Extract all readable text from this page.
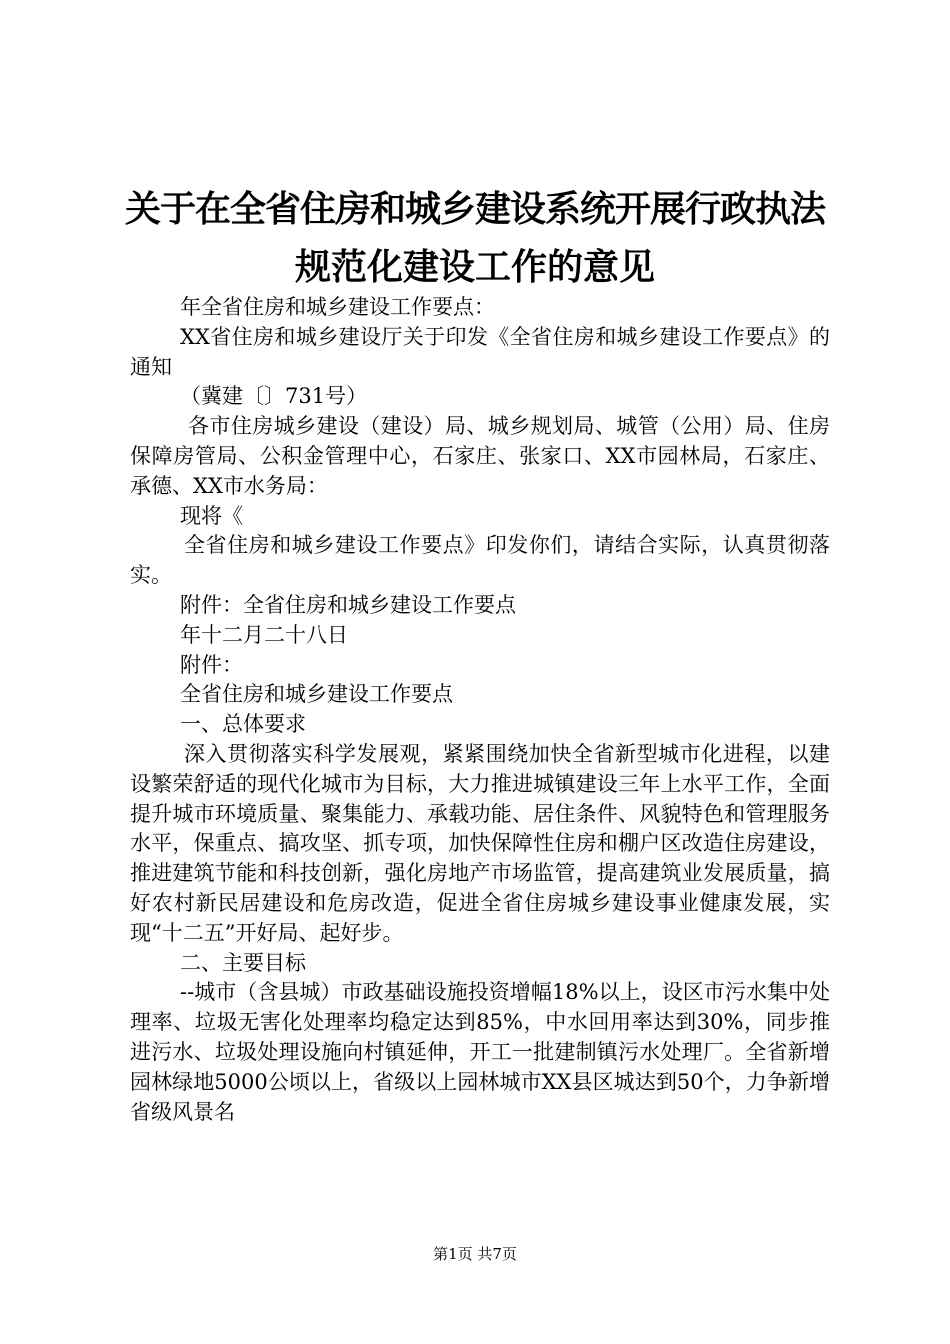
关于在全省住房和城乡建设系统开展行政执法
规范化建设工作的意见

年全省住房和城乡建设工作要点：

XX省住房和城乡建设厅关于印发《全省住房和城乡建设工作要点》的通知

（冀建〔〕731号）

各市住房城乡建设（建设）局、城乡规划局、城管（公用）局、住房保障房管局、公积金管理中心，石家庄、张家口、XX市园林局，石家庄、承德、XX市水务局：

现将《

全省住房和城乡建设工作要点》印发你们，请结合实际，认真贯彻落实。

附件：全省住房和城乡建设工作要点

年十二月二十八日

附件：

全省住房和城乡建设工作要点

一、总体要求

深入贯彻落实科学发展观，紧紧围绕加快全省新型城市化进程，以建设繁荣舒适的现代化城市为目标，大力推进城镇建设三年上水平工作，全面提升城市环境质量、聚集能力、承载功能、居住条件、风貌特色和管理服务水平，保重点、搞攻坚、抓专项，加快保障性住房和棚户区改造住房建设，推进建筑节能和科技创新，强化房地产市场监管，提高建筑业发展质量，搞好农村新民居建设和危房改造，促进全省住房城乡建设事业健康发展，实现“十二五”开好局、起好步。

二、主要目标

--城市（含县城）市政基础设施投资增幅18%以上，设区市污水集中处理率、垃圾无害化处理率均稳定达到85%，中水回用率达到30%，同步推进污水、垃圾处理设施向村镇延伸，开工一批建制镇污水处理厂。全省新增园林绿地5000公顷以上，省级以上园林城市XX县区城达到50个，力争新增省级风景名

第1页 共7页
